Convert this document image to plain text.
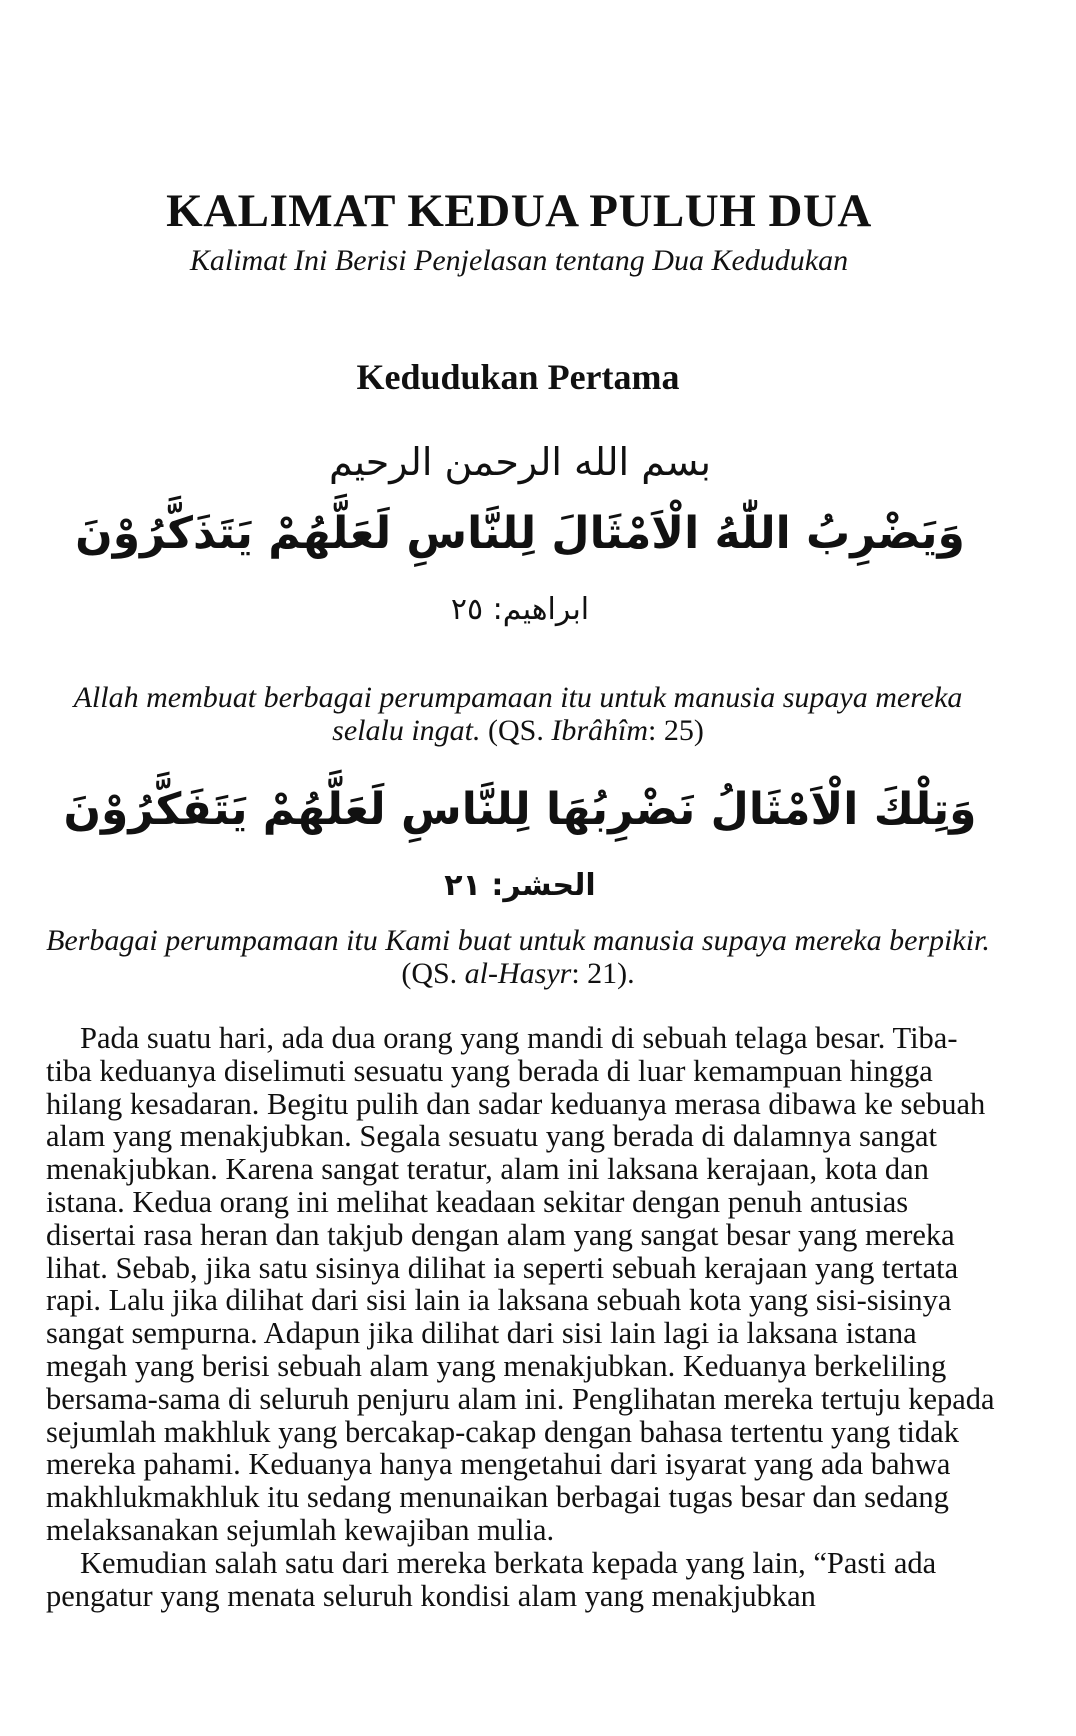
KALIMAT KEDUA PULUH DUA
Kalimat Ini Berisi Penjelasan tentang Dua Kedudukan
Kedudukan Pertama
بسم الله الرحمن الرحيم
وَيَضْرِبُ اللّٰهُ الْاَمْثَالَ لِلنَّاسِ لَعَلَّهُمْ يَتَذَكَّرُوْنَ
ابراهيم: ٢٥
Allah membuat berbagai perumpamaan itu untuk manusia supaya mereka selalu ingat. (QS. Ibrâhîm: 25)
وَتِلْكَ الْاَمْثَالُ نَضْرِبُهَا لِلنَّاسِ لَعَلَّهُمْ يَتَفَكَّرُوْنَ
الحشر: ٢١
Berbagai perumpamaan itu Kami buat untuk manusia supaya mereka berpikir. (QS. al-Hasyr: 21).

Pada suatu hari, ada dua orang yang mandi di sebuah telaga besar. Tiba-tiba keduanya diselimuti sesuatu yang berada di luar kemampuan hingga hilang kesadaran. Begitu pulih dan sadar keduanya merasa dibawa ke sebuah alam yang menakjubkan. Segala sesuatu yang berada di dalamnya sangat menakjubkan. Karena sangat teratur, alam ini laksana kerajaan, kota dan istana. Kedua orang ini melihat keadaan sekitar dengan penuh antusias disertai rasa heran dan takjub dengan alam yang sangat besar yang mereka lihat. Sebab, jika satu sisinya dilihat ia seperti sebuah kerajaan yang tertata rapi. Lalu jika dilihat dari sisi lain ia laksana sebuah kota yang sisi-sisinya sangat sempurna. Adapun jika dilihat dari sisi lain lagi ia laksana istana megah yang berisi sebuah alam yang menakjubkan. Keduanya berkeliling bersama-sama di seluruh penjuru alam ini. Penglihatan mereka tertuju kepada sejumlah makhluk yang bercakap-cakap dengan bahasa tertentu yang tidak mereka pahami. Keduanya hanya mengetahui dari isyarat yang ada bahwa makhlukmakhluk itu sedang menunaikan berbagai tugas besar dan sedang melaksanakan sejumlah kewajiban mulia.

Kemudian salah satu dari mereka berkata kepada yang lain, “Pasti ada pengatur yang menata seluruh kondisi alam yang menakjubkan
